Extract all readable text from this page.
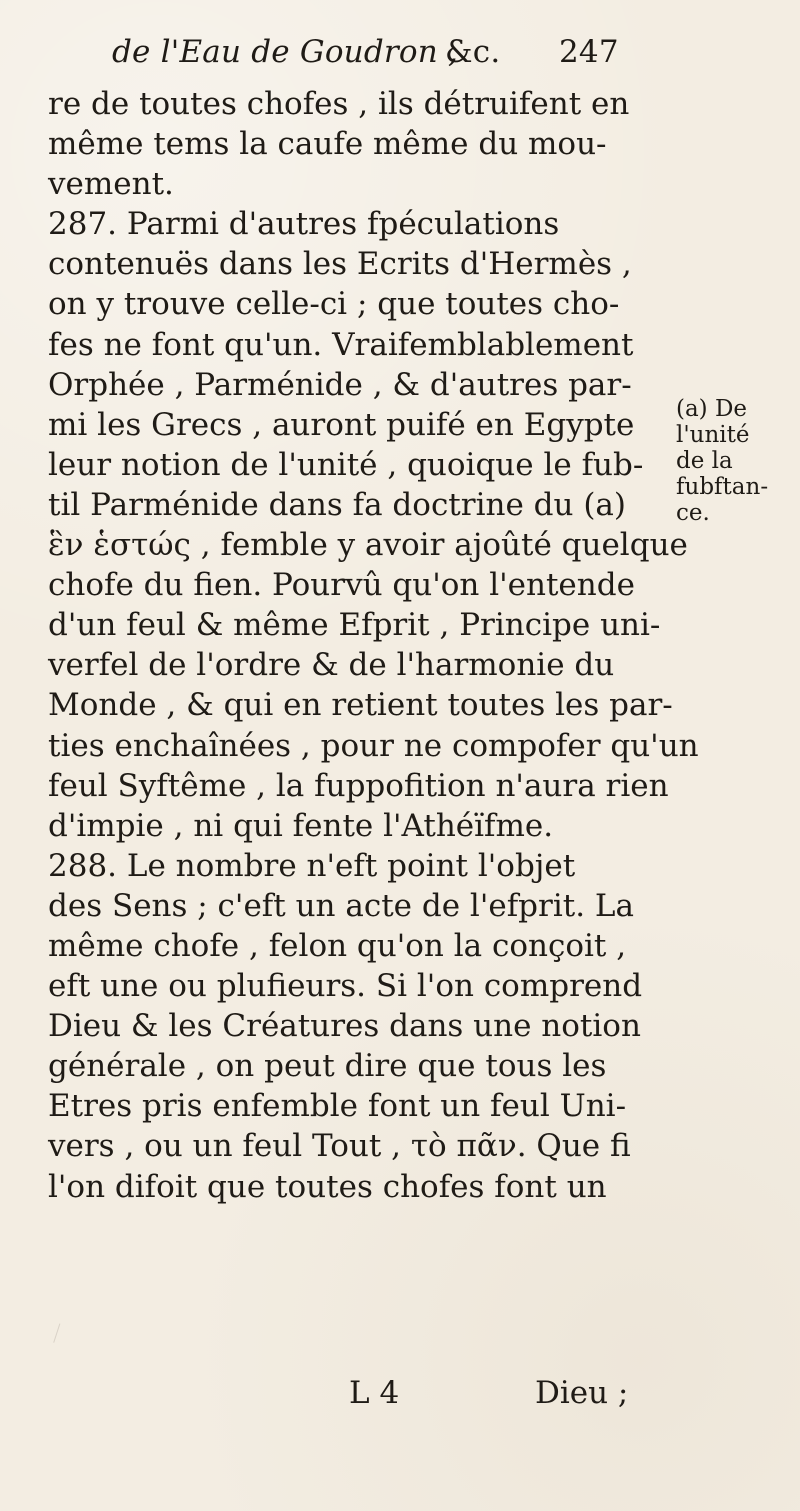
de l'Eau de Goudron ,
&c. 247
re de toutes chofes , ils détruifent en
même tems la caufe même du mou-
vement.
287. Parmi d'autres fpéculations
contenuës dans les Ecrits d'Hermès ,
on y trouve celle-ci ; que toutes cho-
fes ne font qu'un. Vraifemblablement
Orphée , Parménide , & d'autres par-
mi les Grecs , auront puifé en Egypte
leur notion de l'unité , quoique le fub-
til Parménide dans fa doctrine du (a)
ἓν ἑστώς , femble y avoir ajoûté quelque
chofe du fien. Pourvû qu'on l'entende
d'un feul & même Efprit , Principe uni-
verfel de l'ordre & de l'harmonie du
Monde , & qui en retient toutes les par-
ties enchaînées , pour ne compofer qu'un
feul Syftême , la fuppofition n'aura rien
d'impie , ni qui fente l'Athéïfme.
288. Le nombre n'eft point l'objet
des Sens ; c'eft un acte de l'efprit. La
même chofe , felon qu'on la conçoit ,
eft une ou plufieurs. Si l'on comprend
Dieu & les Créatures dans une notion
générale , on peut dire que tous les
Etres pris enfemble font un feul Uni-
vers , ou un feul Tout , τὸ πᾶν. Que fi
l'on difoit que toutes chofes font un
(a) De
l'unité
de la
fubftan-
ce.
L 4	Dieu ;
